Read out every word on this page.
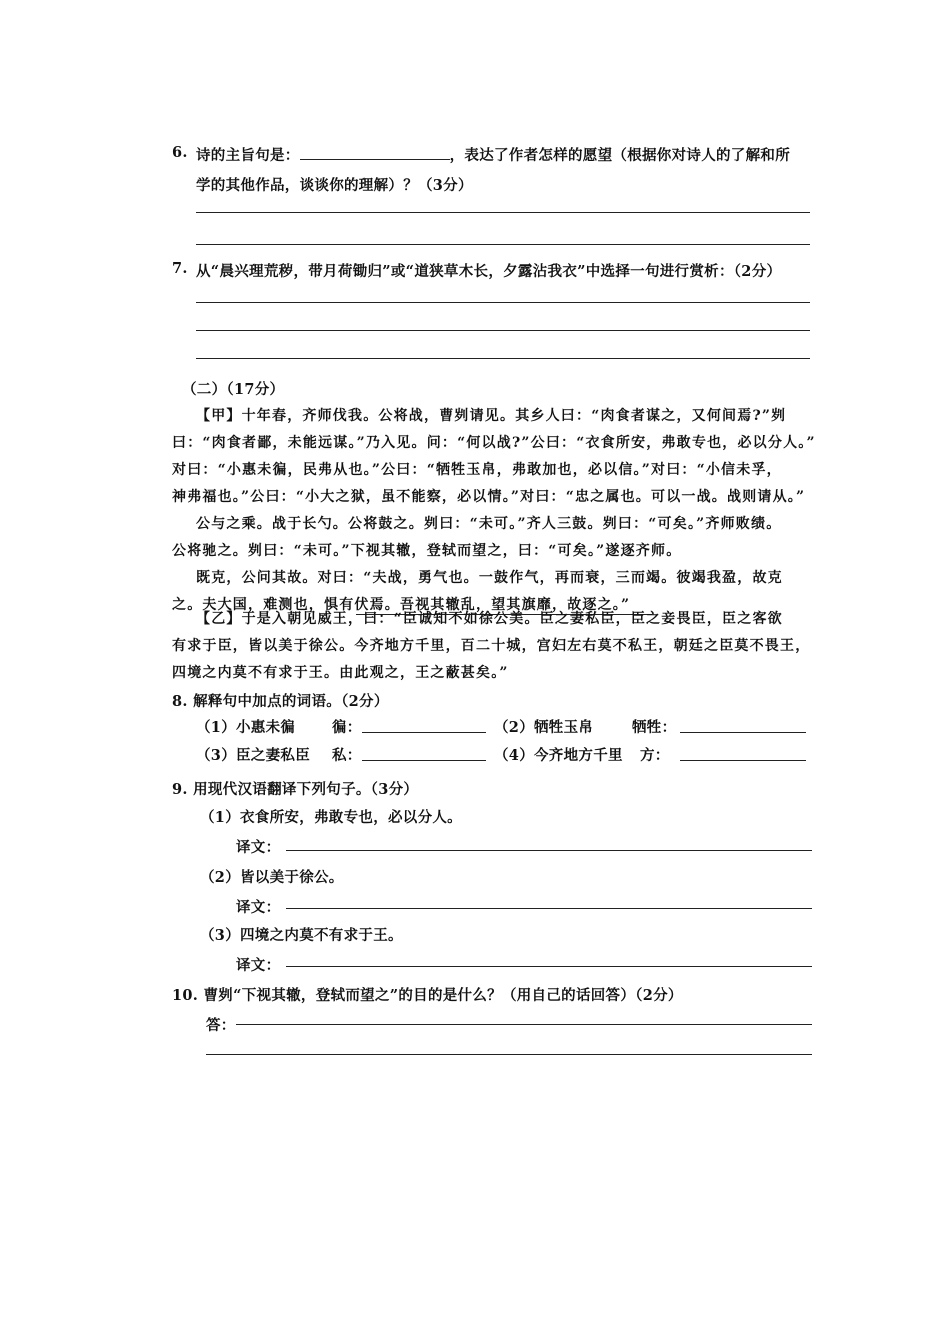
6. 诗的主旨句是：	，表达了作者怎样的愿望（根据你对诗人的了解和所
学的其他作品，谈谈你的理解）？（3分）
7. 从“晨兴理荒秽，带月荷锄归”或“道狭草木长，夕露沾我衣”中选择一句进行赏析：（2分）
（二）（17分）
【甲】十年春，齐师伐我。公将战，曹刿请见。其乡人曰：“肉食者谋之，又何间焉?”刿
曰：“肉食者鄙，未能远谋。”乃入见。问：“何以战?”公曰：“衣食所安，弗敢专也，必以分人。”
对曰：“小惠未徧，民弗从也。”公曰：“牺牲玉帛，弗敢加也，必以信。”对曰：“小信未孚，
神弗福也。”公曰：“小大之狱，虽不能察，必以情。”对曰：“忠之属也。可以一战。战则请从。”
公与之乘。战于长勺。公将鼓之。刿曰：“未可。”齐人三鼓。刿曰：“可矣。”齐师败绩。
公将驰之。刿曰：“未可。”下视其辙，登轼而望之，曰：“可矣。”遂逐齐师。
既克，公问其故。对曰：“夫战，勇气也。一鼓作气，再而衰，三而竭。彼竭我盈，故克
之。夫大国，难测也，惧有伏焉。吾视其辙乱，望其旗靡，故逐之。”
【乙】于是入朝见威王，曰：“臣诚知不如徐公美。臣之妻私臣，臣之妾畏臣，臣之客欲
有求于臣，皆以美于徐公。今齐地方千里，百二十城，宫妇左右莫不私王，朝廷之臣莫不畏王，
四境之内莫不有求于王。由此观之，王之蔽甚矣。”
8. 解释句中加点的词语。（2分）
（1）小惠未徧	徧：	（2）牺牲玉帛	牺牲：
（3）臣之妻私臣 私：	（4）今齐地方千里 方：
9. 用现代汉语翻译下列句子。（3分）
（1）衣食所安，弗敢专也，必以分人。
译文：
（2）皆以美于徐公。
译文：
（3）四境之内莫不有求于王。
译文：
10. 曹刿“下视其辙，登轼而望之”的目的是什么？（用自己的话回答）（2分）
答：
